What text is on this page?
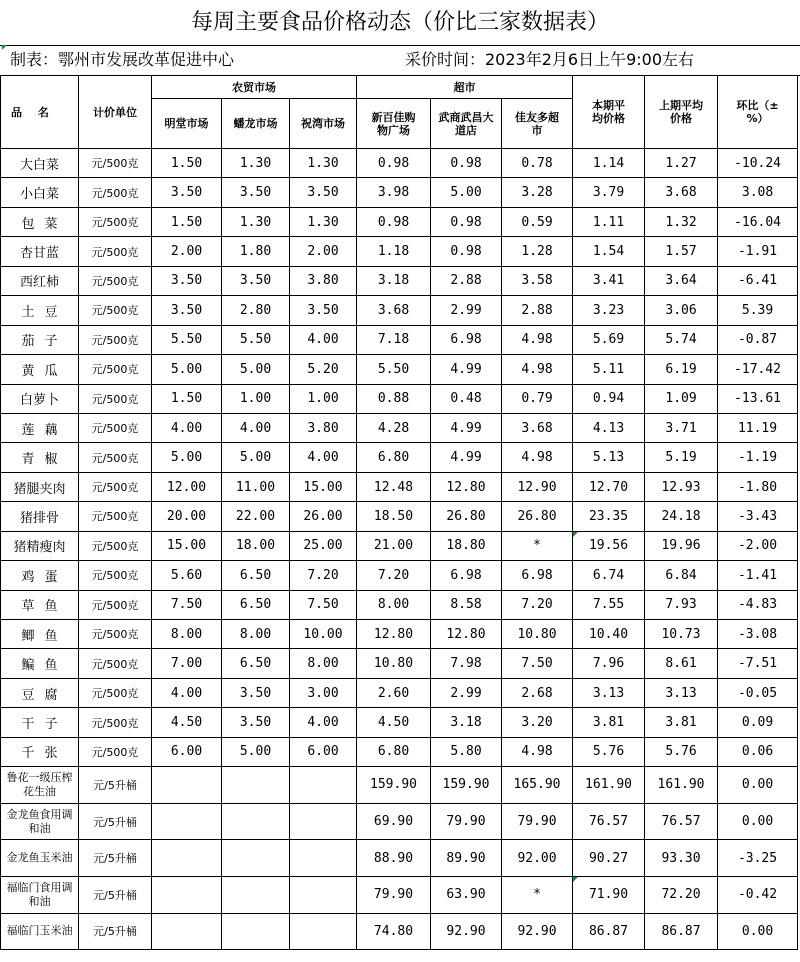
每周主要食品价格动态（价比三家数据表）
制表：鄂州市发展改革促进中心	采价时间：2023年2月6日上午9:00左右
品 名	计价单位	农贸市场			超市			本期平均价格	上期平均价格	环比（±%）
		明堂市场	蟠龙市场	祝湾市场	新百佳购物广场	武商武昌大道店	佳友多超市			
大白菜	元/500克	1.50	1.30	1.30	0.98	0.98	0.78	1.14	1.27	-10.24
小白菜	元/500克	3.50	3.50	3.50	3.98	5.00	3.28	3.79	3.68	3.08
包菜	元/500克	1.50	1.30	1.30	0.98	0.98	0.59	1.11	1.32	-16.04
杏甘蓝	元/500克	2.00	1.80	2.00	1.18	0.98	1.28	1.54	1.57	-1.91
西红柿	元/500克	3.50	3.50	3.80	3.18	2.88	3.58	3.41	3.64	-6.41
土豆	元/500克	3.50	2.80	3.50	3.68	2.99	2.88	3.23	3.06	5.39
茄子	元/500克	5.50	5.50	4.00	7.18	6.98	4.98	5.69	5.74	-0.87
黄瓜	元/500克	5.00	5.00	5.20	5.50	4.99	4.98	5.11	6.19	-17.42
白萝卜	元/500克	1.50	1.00	1.00	0.88	0.48	0.79	0.94	1.09	-13.61
莲藕	元/500克	4.00	4.00	3.80	4.28	4.99	3.68	4.13	3.71	11.19
青椒	元/500克	5.00	5.00	4.00	6.80	4.99	4.98	5.13	5.19	-1.19
猪腿夹肉	元/500克	12.00	11.00	15.00	12.48	12.80	12.90	12.70	12.93	-1.80
猪排骨	元/500克	20.00	22.00	26.00	18.50	26.80	26.80	23.35	24.18	-3.43
猪精瘦肉	元/500克	15.00	18.00	25.00	21.00	18.80	*	19.56	19.96	-2.00
鸡蛋	元/500克	5.60	6.50	7.20	7.20	6.98	6.98	6.74	6.84	-1.41
草鱼	元/500克	7.50	6.50	7.50	8.00	8.58	7.20	7.55	7.93	-4.83
鲫鱼	元/500克	8.00	8.00	10.00	12.80	12.80	10.80	10.40	10.73	-3.08
鳊鱼	元/500克	7.00	6.50	8.00	10.80	7.98	7.50	7.96	8.61	-7.51
豆腐	元/500克	4.00	3.50	3.00	2.60	2.99	2.68	3.13	3.13	-0.05
干子	元/500克	4.50	3.50	4.00	4.50	3.18	3.20	3.81	3.81	0.09
千张	元/500克	6.00	5.00	6.00	6.80	5.80	4.98	5.76	5.76	0.06
鲁花一级压榨花生油	元/5升桶				159.90	159.90	165.90	161.90	161.90	0.00
金龙鱼食用调和油	元/5升桶				69.90	79.90	79.90	76.57	76.57	0.00
金龙鱼玉米油	元/5升桶				88.90	89.90	92.00	90.27	93.30	-3.25
福临门食用调和油	元/5升桶				79.90	63.90	*	71.90	72.20	-0.42
福临门玉米油	元/5升桶				74.80	92.90	92.90	86.87	86.87	0.00
